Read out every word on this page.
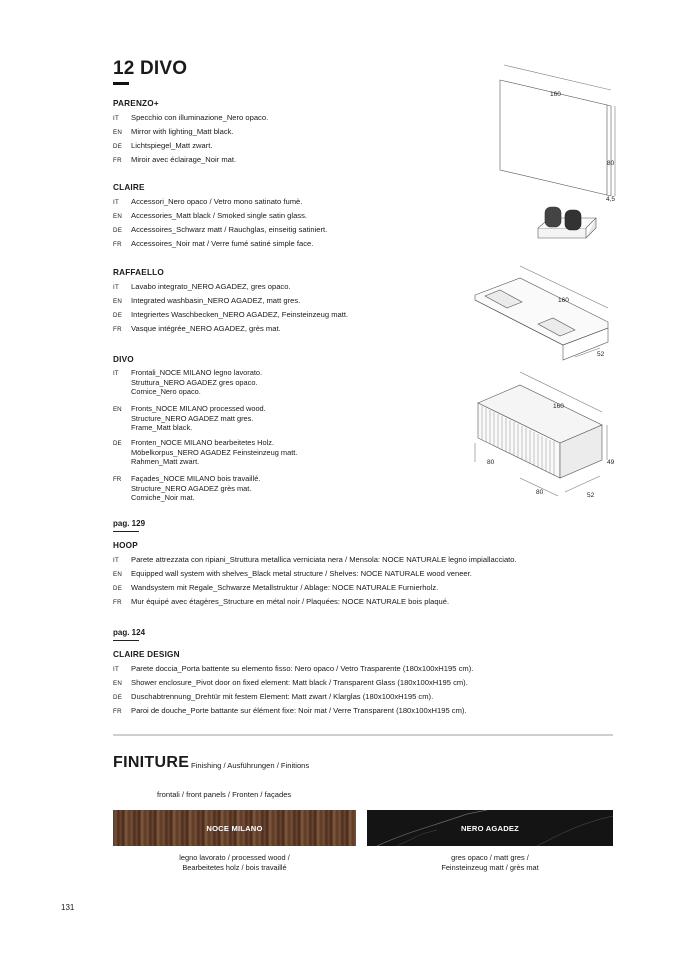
12 DIVO
PARENZO+
IT	Specchio con illuminazione_Nero opaco.
EN	Mirror with lighting_Matt black.
DE	Lichtspiegel_Matt zwart.
FR	Miroir avec éclairage_Noir mat.
CLAIRE
IT	Accessori_Nero opaco / Vetro mono satinato fumè.
EN	Accessories_Matt black / Smoked single satin glass.
DE	Accessoires_Schwarz matt / Rauchglas, einseitig satiniert.
FR	Accessoires_Noir mat / Verre fumé satiné simple face.
RAFFAELLO
IT	Lavabo integrato_NERO AGADEZ, gres opaco.
EN	Integrated washbasin_NERO AGADEZ, matt gres.
DE	Integriertes Waschbecken_NERO AGADEZ, Feinsteinzeug matt.
FR	Vasque intégrée_NERO AGADEZ, grès mat.
DIVO
IT Frontali_NOCE MILANO legno lavorato.
Struttura_NERO AGADEZ gres opaco.
Cornice_Nero opaco.
EN Fronts_NOCE MILANO processed wood.
Structure_NERO AGADEZ matt gres.
Frame_Matt black.
DE Fronten_NOCE MILANO bearbeitetes Holz.
Möbelkorpus_NERO AGADEZ Feinsteinzeug matt.
Rahmen_Matt zwart.
FR Façades_NOCE MILANO bois travaillé.
Structure_NERO AGADEZ grès mat.
Corniche_Noir mat.
pag. 129
HOOP
IT	Parete attrezzata con ripiani_Struttura metallica verniciata nera / Mensola: NOCE NATURALE legno impiallacciato.
EN	Equipped wall system with shelves_Black metal structure / Shelves: NOCE NATURALE wood veneer.
DE	Wandsystem mit Regale_Schwarze Metallstruktur / Ablage: NOCE NATURALE Furnierholz.
FR	Mur équipé avec étagères_Structure en métal noir / Plaquées: NOCE NATURALE bois plaqué.
pag. 124
CLAIRE DESIGN
IT	Parete doccia_Porta battente su elemento fisso: Nero opaco / Vetro Trasparente (180x100xH195 cm).
EN	Shower enclosure_Pivot door on fixed element: Matt black / Transparent Glass (180x100xH195 cm).
DE	Duschabtrennung_Drehtür mit festem Element: Matt zwart / Klarglas (180x100xH195 cm).
FR	Paroi de douche_Porte battante sur élément fixe: Noir mat / Verre Transparent (180x100xH195 cm).
160
80
4,5
160
52
160
49
80
80	52
FINITURE Finishing / Ausführungen / Finitions
frontali / front panels / Fronten / façades
NOCE MILANO	NERO AGADEZ
legno lavorato / processed wood /
Bearbeitetes holz / bois travaillé
gres opaco / matt gres /
Feinsteinzeug matt / grès mat
131
